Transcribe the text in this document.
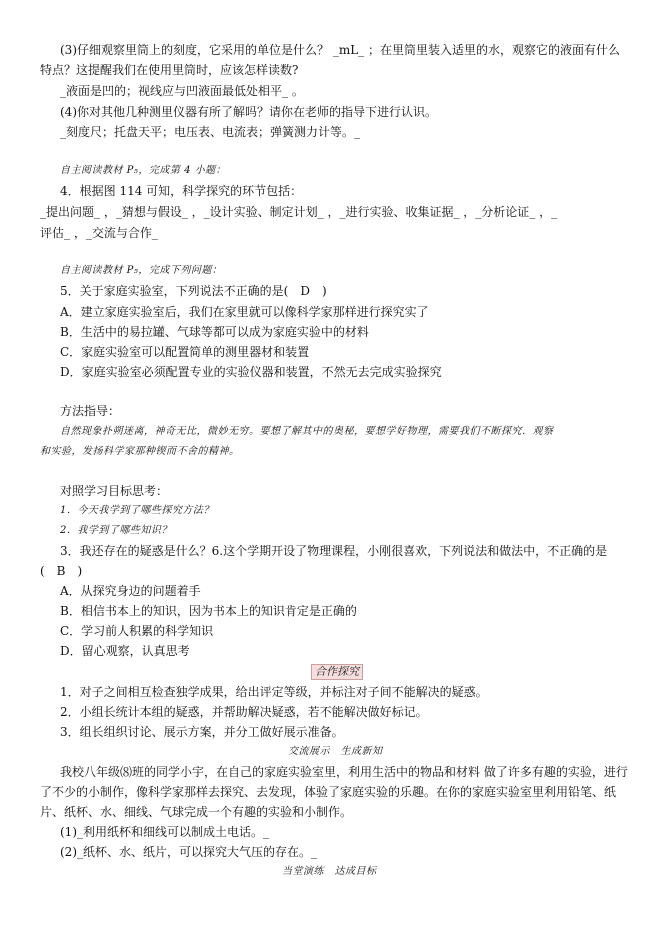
(3)仔细观察里筒上的刻度，它采用的单位是什么？ _mL_ ；在里筒里装入适里的水，观察它的液面有什么
特点？这提醒我们在使用里筒时，应该怎样读数?
_液面是凹的；视线应与凹液面最低处相平_ 。
(4)你对其他几种测里仪器有所了解吗？请你在老师的指导下进行认识。
_刻度尺；托盘天平；电压表、电流表；弹簧测力计等。_
自主阅读教材 P₅，完成第 4 小题：
4．根据图 114 可知，科学探究的环节包括：
_提出问题_ ，_猜想与假设_ ，_设计实验、制定计划_ ，_进行实验、收集证据_ ，_分析论证_ ，_
评估_ ，_交流与合作_
自主阅读教材 P₅，完成下列问题：
5．关于家庭实验室，下列说法不正确的是(　D　)
A．建立家庭实验室后，我们在家里就可以像科学家那样进行探究实了
B．生活中的易拉罐、气球等都可以成为家庭实验中的材料
C．家庭实验室可以配置简单的测里器材和装置
D．家庭实验室必须配置专业的实验仪器和装置，不然无去完成实验探究
方法指导：
自然现象扑朔迷离，神奇无比，微妙无穷。要想了解其中的奥秘，要想学好物理，需要我们不断探究．观察
和实验，发扬科学家那种锲而不舍的精神。
对照学习目标思考：
1．今天我学到了哪些探究方法？
2．我学到了哪些知识？
3．我还存在的疑惑是什么？6.这个学期开设了物理课程，小刚很喜欢，下列说法和做法中，不正确的是
(　B　)
A．从探究身边的问题着手
B．相信书本上的知识，因为书本上的知识肯定是正确的
C．学习前人积累的科学知识
D．留心观察，认真思考
合作探究
1．对子之间相互检查独学成果，给出评定等级，并标注对子间不能解决的疑惑。
2．小组长统计本组的疑惑，并帮助解决疑惑，若不能解决做好标记。
3．组长组织讨论、展示方案，并分工做好展示准备。
交流展示　生成新知
我校八年级⑻班的同学小宇，在自己的家庭实验室里，利用生活中的物品和材料 做了许多有趣的实验，进行
了不少的小制作，像科学家那样去探究、去发现，体验了家庭实验的乐趣。在你的家庭实验室里利用铅笔、纸
片、纸杯、水、细线、气球完成一个有趣的实验和小制作。
(1)_利用纸杯和细线可以制成土电话。_
(2)_纸杯、水、纸片，可以探究大气压的存在。_
当堂演练　达成目标
